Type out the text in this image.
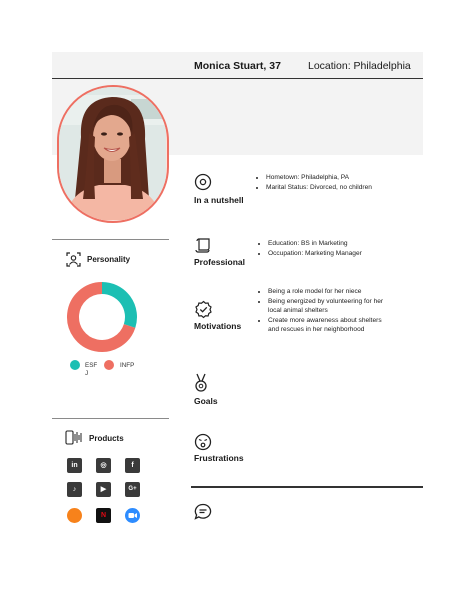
Monica Stuart, 37	Location: Philadelphia
Personality
ESF
J
INFP
Products
in	◎	f
♪	▶	G+
N
In a nutshell
• Hometown: Philadelphia, PA
• Marital Status: Divorced, no children
Professional
• Education: BS in Marketing
• Occupation: Marketing Manager
Motivations
• Being a role model for her niece
• Being energized by volunteering for her local animal shelters
• Create more awareness about shelters and rescues in her neighborhood
Goals
Frustrations
